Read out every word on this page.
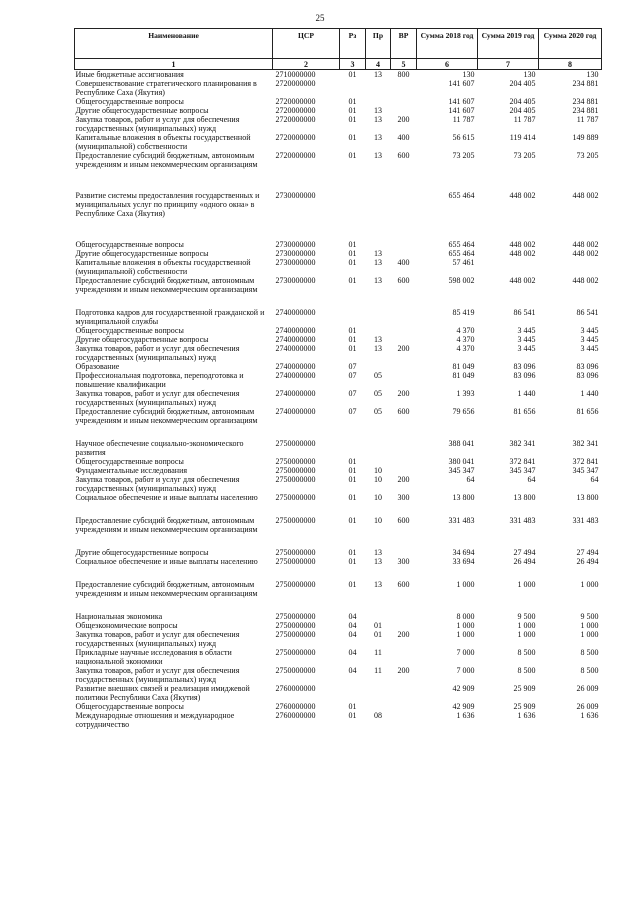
25
Наименование	ЦСР	Рз	Пр	ВР	Сумма 2018 год	Сумма 2019 год	Сумма 2020 год
1	2	3	4	5	6	7	8
Иные бюджетные ассигнования	2710000000	01	13	800	130	130	130
Совершенствование стратегического планирования в Республике Саха (Якутия)	2720000000				141 607	204 405	234 881
Общегосударственные вопросы	2720000000	01			141 607	204 405	234 881
Другие общегосударственные вопросы	2720000000	01	13		141 607	204 405	234 881
Закупка товаров, работ и услуг для обеспечения государственных (муниципальных) нужд	2720000000	01	13	200	11 787	11 787	11 787
Капитальные вложения в объекты государственной (муниципальной) собственности	2720000000	01	13	400	56 615	119 414	149 889
Предоставление субсидий бюджетным, автономным учреждениям и иным некоммерческим организациям	2720000000	01	13	600	73 205	73 205	73 205

Развитие системы предоставления государственных и муниципальных услуг по принципу «одного окна» в Республике Саха (Якутия)	2730000000				655 464	448 002	448 002

Общегосударственные вопросы	2730000000	01			655 464	448 002	448 002
Другие общегосударственные вопросы	2730000000	01	13		655 464	448 002	448 002
Капитальные вложения в объекты государственной (муниципальной) собственности	2730000000	01	13	400	57 461		
Предоставление субсидий бюджетным, автономным учреждениям и иным некоммерческим организациям	2730000000	01	13	600	598 002	448 002	448 002

Подготовка кадров для государственной гражданской и муниципальной службы	2740000000				85 419	86 541	86 541
Общегосударственные вопросы	2740000000	01			4 370	3 445	3 445
Другие общегосударственные вопросы	2740000000	01	13		4 370	3 445	3 445
Закупка товаров, работ и услуг для обеспечения государственных (муниципальных) нужд	2740000000	01	13	200	4 370	3 445	3 445
Образование	2740000000	07			81 049	83 096	83 096
Профессиональная подготовка, переподготовка и повышение квалификации	2740000000	07	05		81 049	83 096	83 096
Закупка товаров, работ и услуг для обеспечения государственных (муниципальных) нужд	2740000000	07	05	200	1 393	1 440	1 440
Предоставление субсидий бюджетным, автономным учреждениям и иным некоммерческим организациям	2740000000	07	05	600	79 656	81 656	81 656

Научное обеспечение социально-экономического развития	2750000000				388 041	382 341	382 341
Общегосударственные вопросы	2750000000	01			380 041	372 841	372 841
Фундаментальные исследования	2750000000	01	10		345 347	345 347	345 347
Закупка товаров, работ и услуг для обеспечения государственных (муниципальных) нужд	2750000000	01	10	200	64	64	64
Социальное обеспечение и иные выплаты населению	2750000000	01	10	300	13 800	13 800	13 800

Предоставление субсидий бюджетным, автономным учреждениям и иным некоммерческим организациям	2750000000	01	10	600	331 483	331 483	331 483

Другие общегосударственные вопросы	2750000000	01	13		34 694	27 494	27 494
Социальное обеспечение и иные выплаты населению	2750000000	01	13	300	33 694	26 494	26 494

Предоставление субсидий бюджетным, автономным учреждениям и иным некоммерческим организациям	2750000000	01	13	600	1 000	1 000	1 000

Национальная экономика	2750000000	04			8 000	9 500	9 500
Общеэкономические вопросы	2750000000	04	01		1 000	1 000	1 000
Закупка товаров, работ и услуг для обеспечения государственных (муниципальных) нужд	2750000000	04	01	200	1 000	1 000	1 000
Прикладные научные исследования в области национальной экономики	2750000000	04	11		7 000	8 500	8 500
Закупка товаров, работ и услуг для обеспечения государственных (муниципальных) нужд	2750000000	04	11	200	7 000	8 500	8 500
Развитие внешних связей и реализация имиджевой политики Республики Саха (Якутия)	2760000000				42 909	25 909	26 009
Общегосударственные вопросы	2760000000	01			42 909	25 909	26 009
Международные отношения и международное сотрудничество	2760000000	01	08		1 636	1 636	1 636
